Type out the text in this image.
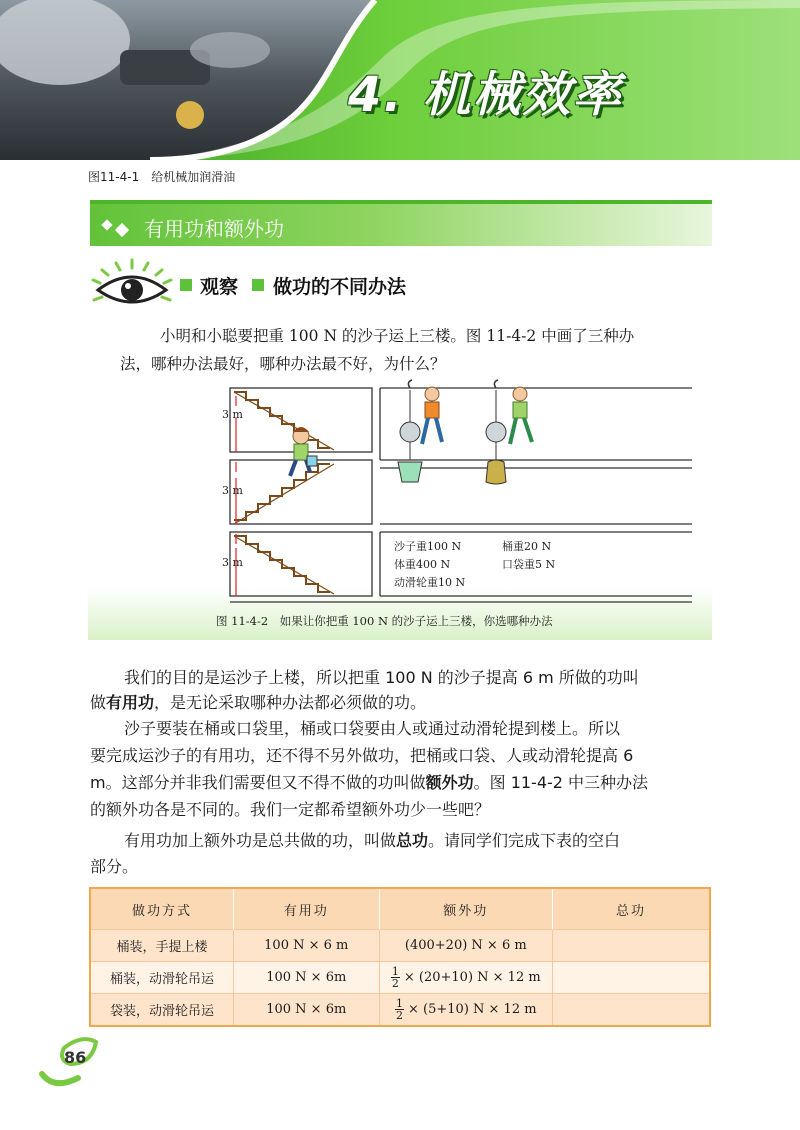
4. 机械效率
图11-4-1　给机械加润滑油
有用功和额外功
观察 做功的不同办法
小明和小聪要把重 100 N 的沙子运上三楼。图 11-4-2 中画了三种办
法，哪种办法最好，哪种办法最不好，为什么？
3 m
3 m
3 m
沙子重100 N	桶重20 N
体重400 N	口袋重5 N
动滑轮重10 N
图 11-4-2　如果让你把重 100 N 的沙子运上三楼，你选哪种办法
我们的目的是运沙子上楼，所以把重 100 N 的沙子提高 6 m 所做的功叫
做有用功，是无论采取哪种办法都必须做的功。
沙子要装在桶或口袋里，桶或口袋要由人或通过动滑轮提到楼上。所以
要完成运沙子的有用功，还不得不另外做功，把桶或口袋、人或动滑轮提高 6
m。这部分并非我们需要但又不得不做的功叫做额外功。图 11-4-2 中三种办法
的额外功各是不同的。我们一定都希望额外功少一些吧？
有用功加上额外功是总共做的功，叫做总功。请同学们完成下表的空白
部分。
做功方式	有用功	额外功	总功
桶装，手提上楼	100 N × 6 m	(400+20) N × 6 m	
桶装，动滑轮吊运	100 N × 6m	$\frac{1}{2} \times (20+10) N \times 12$ m	
袋装，动滑轮吊运	100 N × 6m	$\frac{1}{2} \times (5+10) N \times 12$ m	
86
